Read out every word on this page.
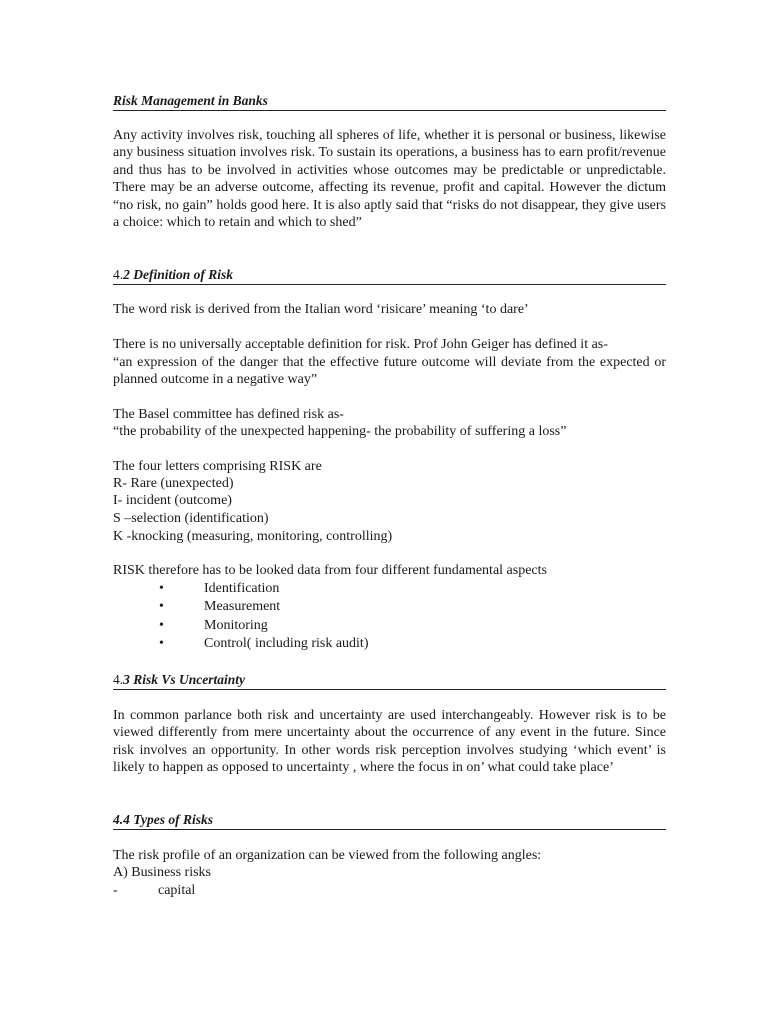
Risk Management in Banks
Any activity involves risk, touching all spheres of life, whether it is personal or business, likewise any business situation involves risk. To sustain its operations, a business has to earn profit/revenue and thus has to be involved in activities whose outcomes may be predictable or unpredictable. There may be an adverse outcome, affecting its revenue, profit and capital. However the dictum “no risk, no gain” holds good here. It is also aptly said that “risks do not disappear, they give users a choice: which to retain and which to shed”
4.2 Definition of Risk
The word risk is derived from the Italian word ‘risicare’ meaning ‘to dare’
There is no universally acceptable definition for risk. Prof John Geiger has defined it as-
“an expression of the danger that the effective future outcome will deviate from the expected or planned outcome in a negative way”
The Basel committee has defined risk as-
“the probability of the unexpected happening- the probability of suffering a loss”
The four letters comprising RISK are
R- Rare (unexpected)
I- incident (outcome)
S –selection (identification)
K -knocking (measuring, monitoring, controlling)
RISK therefore has to be looked data from four different fundamental aspects
•	Identification
•	Measurement
•	Monitoring
•	Control( including risk audit)
4.3 Risk Vs Uncertainty
In common parlance both risk and uncertainty are used interchangeably. However risk is to be viewed differently from mere uncertainty about the occurrence of any event in the future. Since risk involves an opportunity. In other words risk perception involves studying ‘which event’ is likely to happen as opposed to uncertainty , where the focus in on’ what could take place’
4.4 Types of Risks
The risk profile of an organization can be viewed from the following angles:
A) Business risks
-	capital
